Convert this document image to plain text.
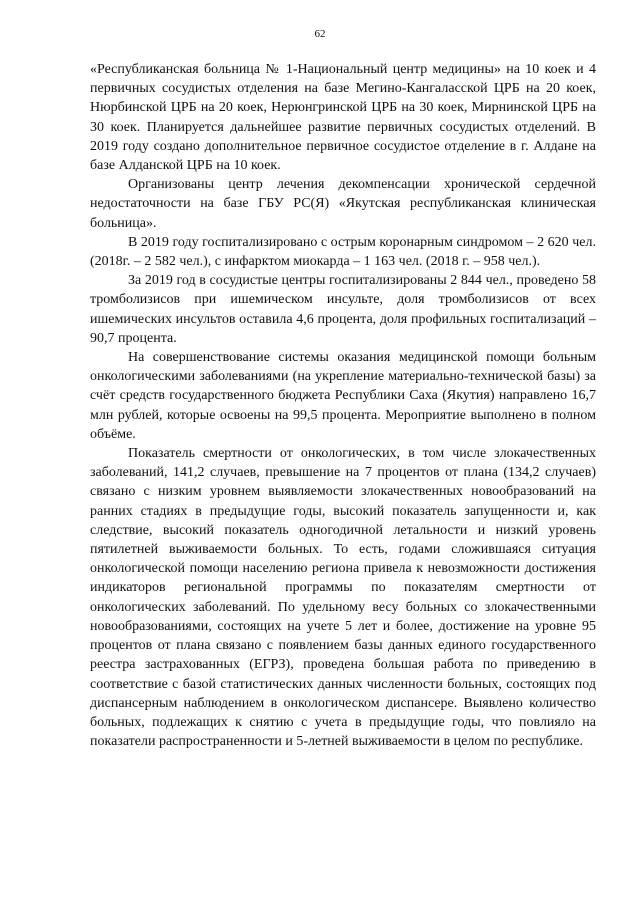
62

«Республиканская больница № 1-Национальный центр медицины» на 10 коек и 4 первичных сосудистых отделения на базе Мегино-Кангаласской ЦРБ на 20 коек, Нюрбинской ЦРБ на 20 коек, Нерюнгринской ЦРБ на 30 коек, Мирнинской ЦРБ на 30 коек. Планируется дальнейшее развитие первичных сосудистых отделений. В 2019 году создано дополнительное первичное сосудистое отделение в г. Алдане на базе Алданской ЦРБ на 10 коек.

Организованы центр лечения декомпенсации хронической сердечной недостаточности на базе ГБУ РС(Я) «Якутская республиканская клиническая больница».

В 2019 году госпитализировано с острым коронарным синдромом – 2 620 чел. (2018г. – 2 582 чел.), с инфарктом миокарда – 1 163 чел. (2018 г. – 958 чел.).

За 2019 год в сосудистые центры госпитализированы 2 844 чел., проведено 58 тромболизисов при ишемическом инсульте, доля тромболизисов от всех ишемических инсультов оставила 4,6 процента, доля профильных госпитализаций – 90,7 процента.

На совершенствование системы оказания медицинской помощи больным онкологическими заболеваниями (на укрепление материально-технической базы) за счёт средств государственного бюджета Республики Саха (Якутия) направлено 16,7 млн рублей, которые освоены на 99,5 процента. Мероприятие выполнено в полном объёме.

Показатель смертности от онкологических, в том числе злокачественных заболеваний, 141,2 случаев, превышение на 7 процентов от плана (134,2 случаев) связано с низким уровнем выявляемости злокачественных новообразований на ранних стадиях в предыдущие годы, высокий показатель запущенности и, как следствие, высокий показатель одногодичной летальности и низкий уровень пятилетней выживаемости больных. То есть, годами сложившаяся ситуация онкологической помощи населению региона привела к невозможности достижения индикаторов региональной программы по показателям смертности от онкологических заболеваний. По удельному весу больных со злокачественными новообразованиями, состоящих на учете 5 лет и более, достижение на уровне 95 процентов от плана связано с появлением базы данных единого государственного реестра застрахованных (ЕГРЗ), проведена большая работа по приведению в соответствие с базой статистических данных численности больных, состоящих под диспансерным наблюдением в онкологическом диспансере. Выявлено количество больных, подлежащих к снятию с учета в предыдущие годы, что повлияло на показатели распространенности и 5-летней выживаемости в целом по республике.
